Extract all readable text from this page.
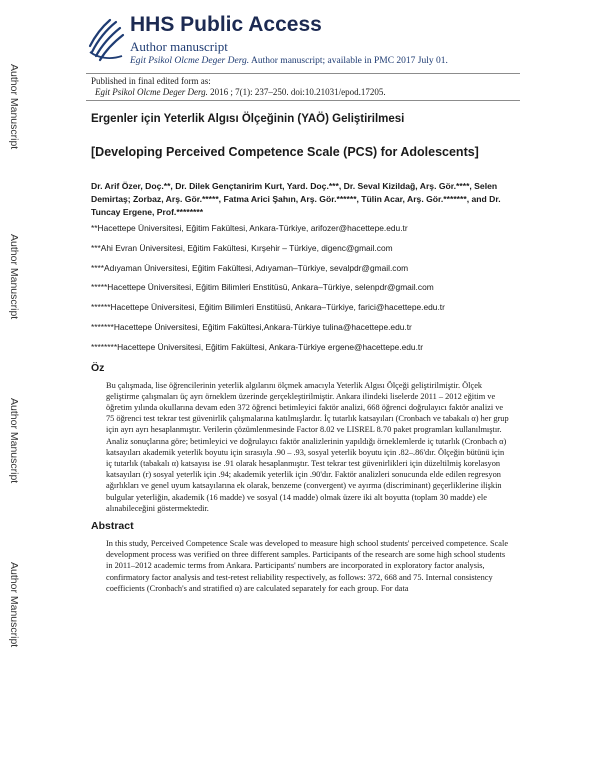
Author Manuscript
Author Manuscript
Author Manuscript
Author Manuscript
HHS Public Access

Author manuscript

Egit Psikol Olcme Deger Derg. Author manuscript; available in PMC 2017 July 01.

Published in final edited form as:

Egit Psikol Olcme Deger Derg. 2016 ; 7(1): 237–250. doi:10.21031/epod.17205.

Ergenler için Yeterlik Algısı Ölçeğinin (YAÖ) Geliştirilmesi
[Developing Perceived Competence Scale (PCS) for Adolescents]

Dr. Arif Özer, Doç.**, Dr. Dilek Gençtanirim Kurt, Yard. Doç.***, Dr. Seval Kizildağ, Arş. Gör.****, Selen Demirtaş; Zorbaz, Arş. Gör.*****, Fatma Arici Şahın, Arş. Gör.******, Tülin Acar, Arş. Gör.*******, and Dr. Tuncay Ergene, Prof.********

**Hacettepe Üniversitesi, Eğitim Fakültesi, Ankara-Türkiye, arifozer@hacettepe.edu.tr

***Ahi Evran Üniversitesi, Eğitim Fakültesi, Kırşehir – Türkiye, digenc@gmail.com

****Adıyaman Üniversitesi, Eğitim Fakültesi, Adıyaman–Türkiye, sevalpdr@gmail.com

*****Hacettepe Üniversitesi, Eğitim Bilimleri Enstitüsü, Ankara–Türkiye, selenpdr@gmail.com

******Hacettepe Üniversitesi, Eğitim Bilimleri Enstitüsü, Ankara–Türkiye, farici@hacettepe.edu.tr

*******Hacettepe Üniversitesi, Eğitim Fakültesi,Ankara-Türkiye tulina@hacettepe.edu.tr

********Hacettepe Üniversitesi, Eğitim Fakültesi, Ankara-Türkiye ergene@hacettepe.edu.tr

Öz

Bu çalışmada, lise öğrencilerinin yeterlik algılarını ölçmek amacıyla Yeterlik Algısı Ölçeği geliştirilmiştir. Ölçek geliştirme çalışmaları üç ayrı örneklem üzerinde gerçekleştirilmiştir. Ankara ilindeki liselerde 2011 – 2012 eğitim ve öğretim yılında okullarına devam eden 372 öğrenci betimleyici faktör analizi, 668 öğrenci doğrulayıcı faktör analizi ve 75 öğrenci test tekrar test güvenirlik çalışmalarına katılmışlardır. İç tutarlık katsayıları (Cronbach ve tabakalı α) her grup için ayrı ayrı hesaplanmıştır. Verilerin çözümlenmesinde Factor 8.02 ve LISREL 8.70 paket programları kullanılmıştır. Analiz sonuçlarına göre; betimleyici ve doğrulayıcı faktör analizlerinin yapıldığı örneklemlerde iç tutarlık (Cronbach α) katsayıları akademik yeterlik boyutu için sırasıyla .90 – .93, sosyal yeterlik boyutu için .82–.86'dır. Ölçeğin bütünü için iç tutarlık (tabakalı α) katsayısı ise .91 olarak hesaplanmıştır. Test tekrar test güvenirlikleri için düzeltilmiş korelasyon katsayıları (r) sosyal yeterlik için .94; akademik yeterlik için .90'dır. Faktör analizleri sonucunda elde edilen regresyon ağırlıkları ve genel uyum katsayılarına ek olarak, benzeme (convergent) ve ayırma (discriminant) geçerliklerine ilişkin bulgular yeterliğin, akademik (16 madde) ve sosyal (14 madde) olmak üzere iki alt boyutta (toplam 30 madde) ele alınabileceğini göstermektedir.

Abstract

In this study, Perceived Competence Scale was developed to measure high school students' perceived competence. Scale development process was verified on three different samples. Participants of the research are some high school students in 2011–2012 academic terms from Ankara. Participants' numbers are incorporated in exploratory factor analysis, confirmatory factor analysis and test-retest reliability respectively, as follows: 372, 668 and 75. Internal consistency coefficients (Cronbach's and stratified α) are calculated separately for each group. For data
